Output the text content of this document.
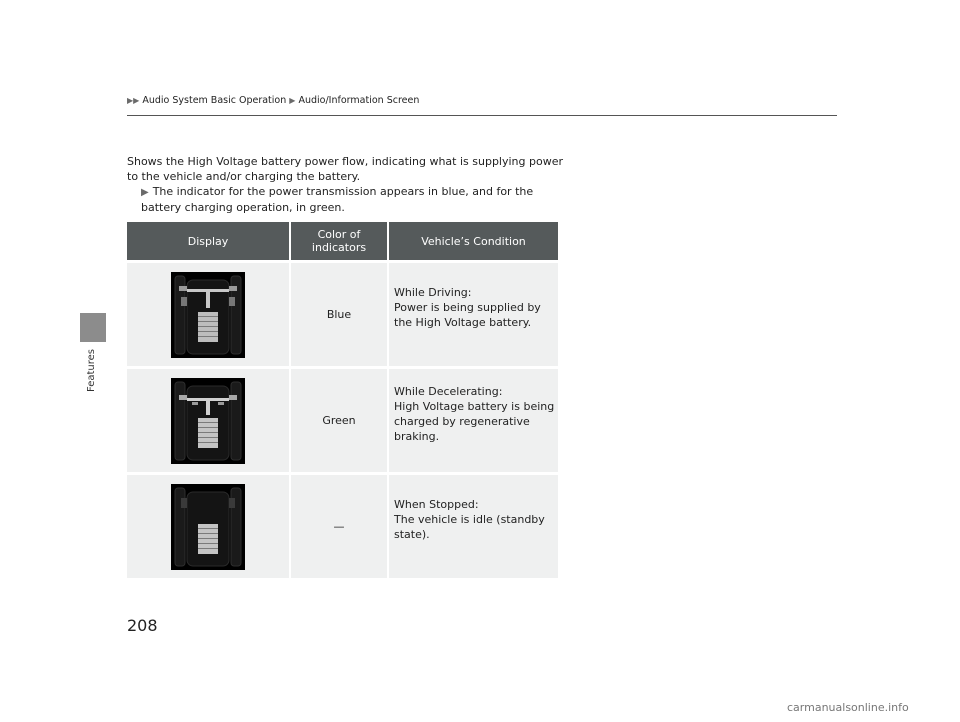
Features
▶▶ Audio System Basic Operation ▶ Audio/Information Screen
Shows the High Voltage battery power flow, indicating what is supplying power to the vehicle and/or charging the battery.
▶ The indicator for the power transmission appears in blue, and for the battery charging operation, in green.
Display	Color of indicators	Vehicle’s Condition
Blue
While Driving:
Power is being supplied by the High Voltage battery.
Green
While Decelerating:
High Voltage battery is being charged by regenerative braking.
—
When Stopped:
The vehicle is idle (standby state).
208
carmanualsonline.info
